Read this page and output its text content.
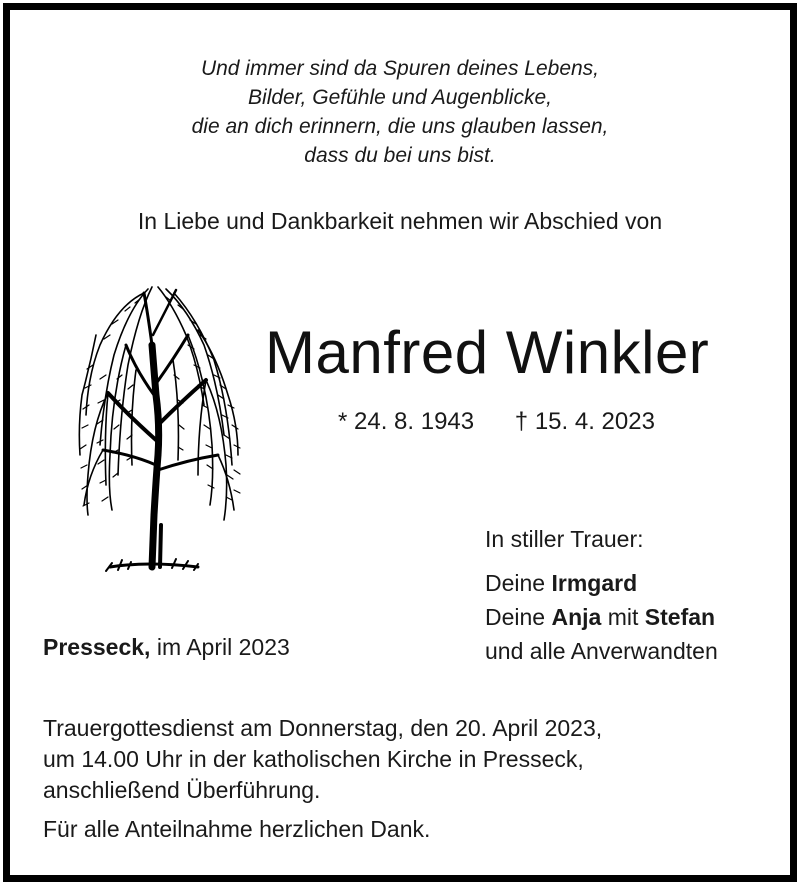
Und immer sind da Spuren deines Lebens,
Bilder, Gefühle und Augenblicke,
die an dich erinnern, die uns glauben lassen,
dass du bei uns bist.
In Liebe und Dankbarkeit nehmen wir Abschied von
Manfred Winkler
* 24. 8. 1943 † 15. 4. 2023
In stiller Trauer:
Deine Irmgard
Deine Anja mit Stefan
und alle Anverwandten
Presseck, im April 2023
Trauergottesdienst am Donnerstag, den 20. April 2023,
um 14.00 Uhr in der katholischen Kirche in Presseck,
anschließend Überführung.
Für alle Anteilnahme herzlichen Dank.
